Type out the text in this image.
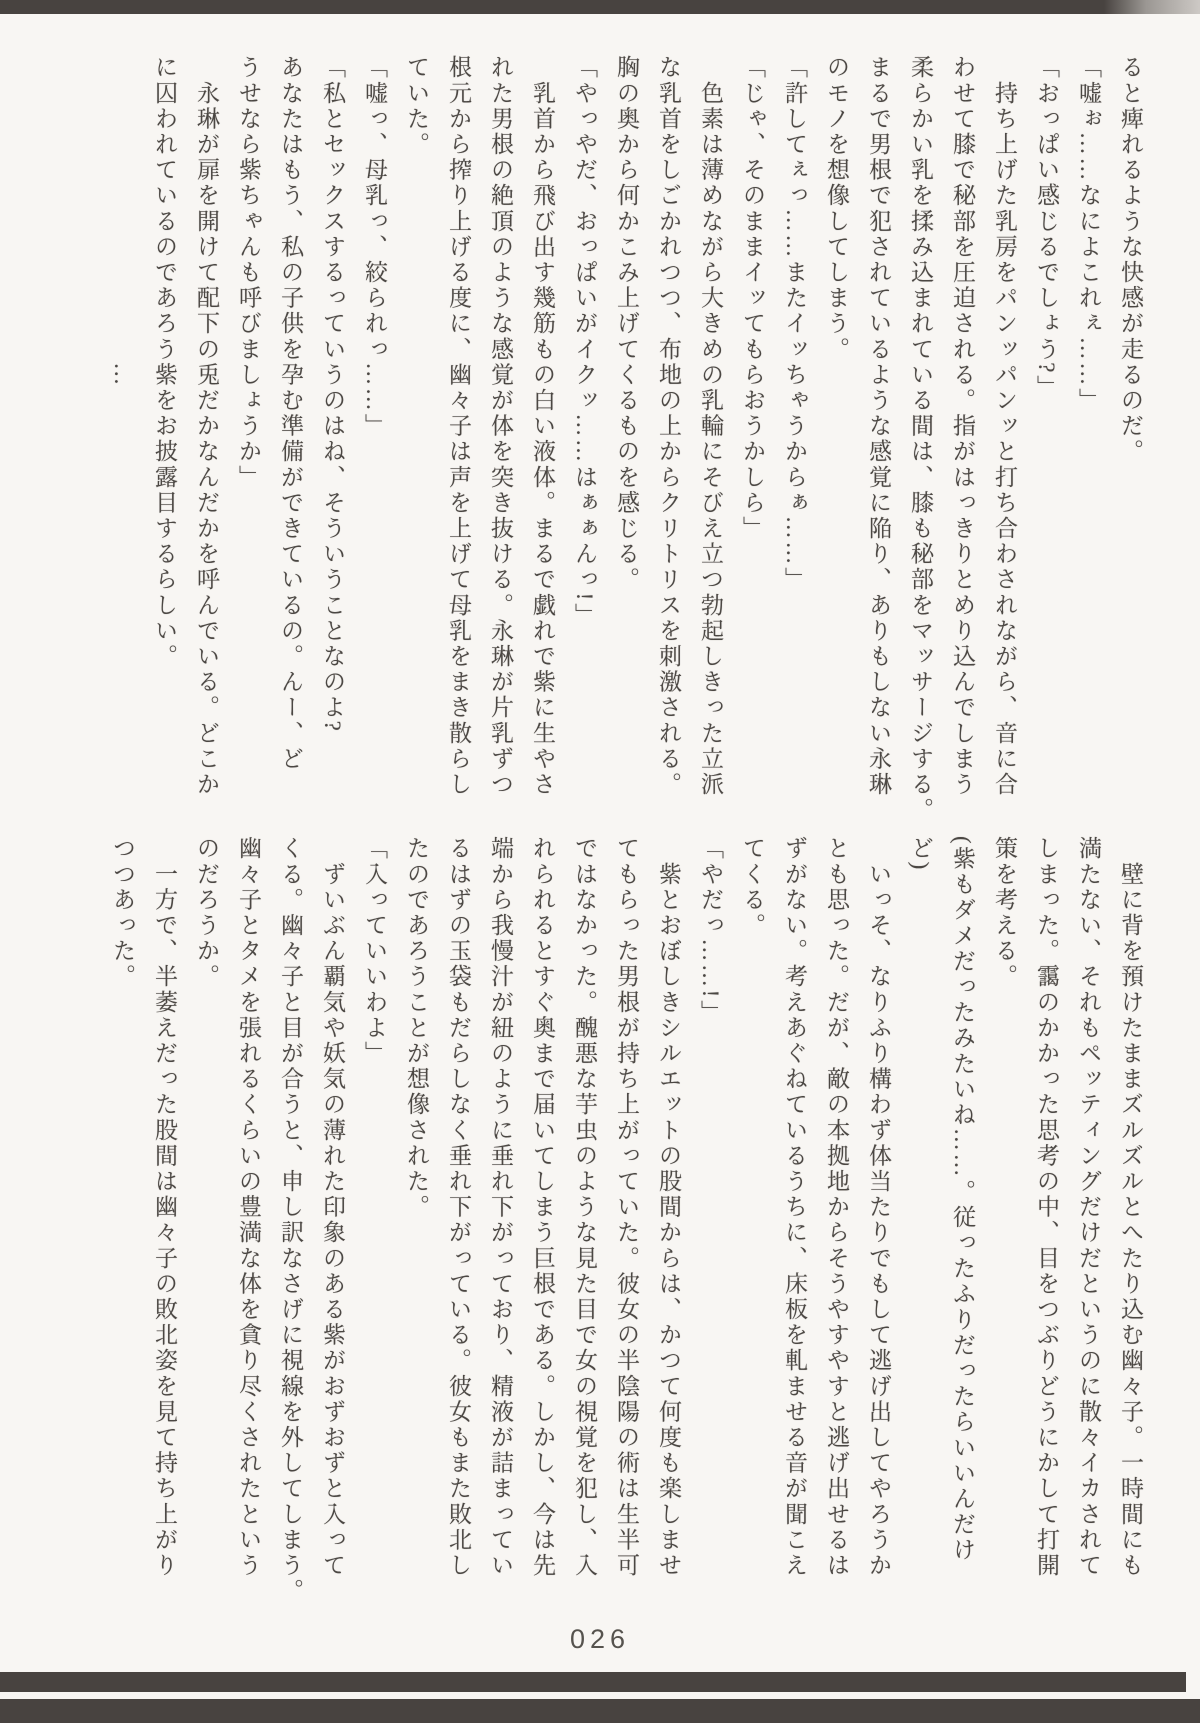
ると痺れるような快感が走るのだ。
「嘘ぉ……なによこれぇ……」
「おっぱい感じるでしょう?」
　持ち上げた乳房をパンッパンッと打ち合わされながら、音に合
わせて膝で秘部を圧迫される。指がはっきりとめり込んでしまう
柔らかい乳を揉み込まれている間は、膝も秘部をマッサージする。
まるで男根で犯されているような感覚に陥り、ありもしない永琳
のモノを想像してしまう。
「許してぇっ……またイッちゃうからぁ……」
「じゃ、そのままイッてもらおうかしら」
　色素は薄めながら大きめの乳輪にそびえ立つ勃起しきった立派
な乳首をしごかれつつ、布地の上からクリトリスを刺激される。
胸の奥から何かこみ上げてくるものを感じる。
「やっやだ、おっぱいがイクッ……はぁぁんっ!」
　乳首から飛び出す幾筋もの白い液体。まるで戯れで紫に生やさ
れた男根の絶頂のような感覚が体を突き抜ける。永琳が片乳ずつ
根元から搾り上げる度に、幽々子は声を上げて母乳をまき散らし
ていた。
「嘘っ、母乳っ、絞られっ……」
「私とセックスするっていうのはね、そういうことなのよ?
あなたはもう、私の子供を孕む準備ができているの。んー、ど
うせなら紫ちゃんも呼びましょうか」
　永琳が扉を開けて配下の兎だかなんだかを呼んでいる。どこか
に囚われているのであろう紫をお披露目するらしい。
　　　　　　　　　　　　…
　壁に背を預けたままズルズルとへたり込む幽々子。一時間にも
満たない、それもペッティングだけだというのに散々イカされて
しまった。靄のかかった思考の中、目をつぶりどうにかして打開
策を考える。
(紫もダメだったみたいね……。従ったふりだったらいいんだけ
ど)
　いっそ、なりふり構わず体当たりでもして逃げ出してやろうか
とも思った。だが、敵の本拠地からそうやすやすと逃げ出せるは
ずがない。考えあぐねているうちに、床板を軋ませる音が聞こえ
てくる。
「やだっ……!」
　紫とおぼしきシルエットの股間からは、かつて何度も楽しませ
てもらった男根が持ち上がっていた。彼女の半陰陽の術は生半可
ではなかった。醜悪な芋虫のような見た目で女の視覚を犯し、入
れられるとすぐ奥まで届いてしまう巨根である。しかし、今は先
端から我慢汁が紐のように垂れ下がっており、精液が詰まってい
るはずの玉袋もだらしなく垂れ下がっている。彼女もまた敗北し
たのであろうことが想像された。
「入っていいわよ」
　ずいぶん覇気や妖気の薄れた印象のある紫がおずおずと入って
くる。幽々子と目が合うと、申し訳なさげに視線を外してしまう。
幽々子とタメを張れるくらいの豊満な体を貪り尽くされたという
のだろうか。
　一方で、半萎えだった股間は幽々子の敗北姿を見て持ち上がり
つつあった。
026
